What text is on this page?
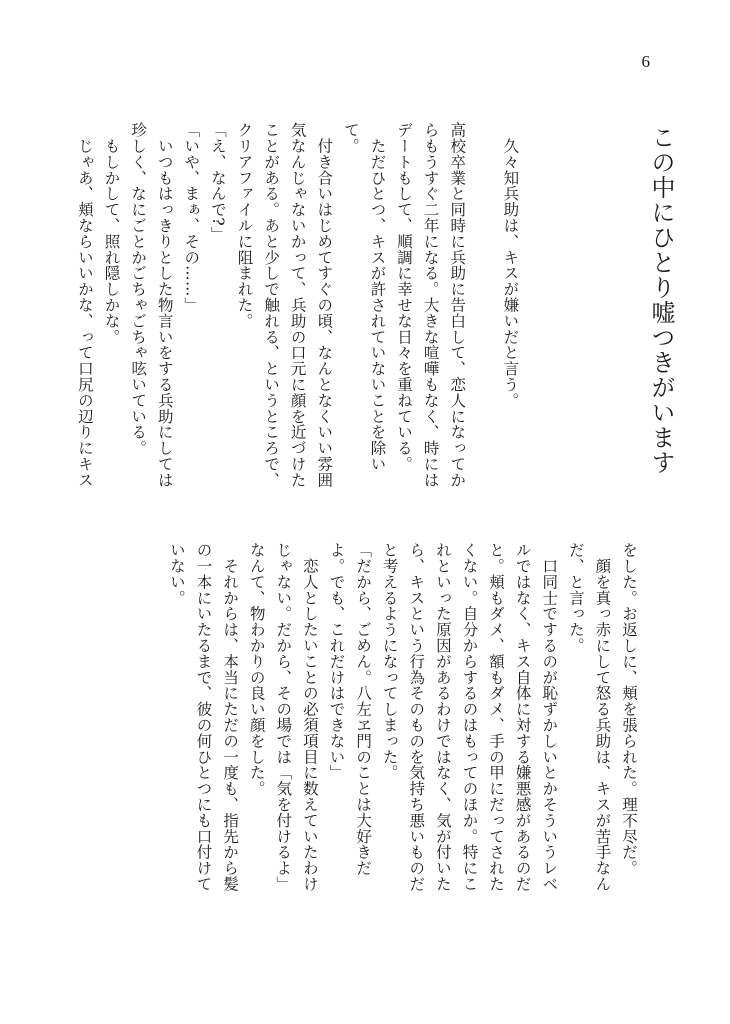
6
この中にひとり嘘つきがいます

　久々知兵助は、キスが嫌いだと言う。

高校卒業と同時に兵助に告白して、恋人になってからもうすぐ二年になる。大きな喧嘩もなく、時にはデートもして、順調に幸せな日々を重ねている。

　ただひとつ、キスが許されていないことを除いて。

　付き合いはじめてすぐの頃、なんとなくいい雰囲気なんじゃないかって、兵助の口元に顔を近づけたことがある。あと少しで触れる、というところで、クリアファイルに阻まれた。

「え、なんで?」

「いや、まぁ、その……」

　いつもはっきりとした物言いをする兵助にしては珍しく、なにごとかごちゃごちゃ呟いている。

　もしかして、照れ隠しかな。

　じゃあ、頬ならいいかな、って口尻の辺りにキス

をした。お返しに、頬を張られた。理不尽だ。

　顔を真っ赤にして怒る兵助は、キスが苦手なんだ、と言った。

　口同士でするのが恥ずかしいとかそういうレベルではなく、キス自体に対する嫌悪感があるのだと。頬もダメ、額もダメ、手の甲にだってされたくない。自分からするのはもってのほか。特にこれといった原因があるわけではなく、気が付いたら、キスという行為そのものを気持ち悪いものだと考えるようになってしまった。

「だから、ごめん。八左ヱ門のことは大好きだよ。でも、これだけはできない」

　恋人としたいことの必須項目に数えていたわけじゃない。だから、その場では「気を付けるよ」なんて、物わかりの良い顔をした。

　それからは、本当にただの一度も、指先から髪の一本にいたるまで、彼の何ひとつにも口付けていない。
